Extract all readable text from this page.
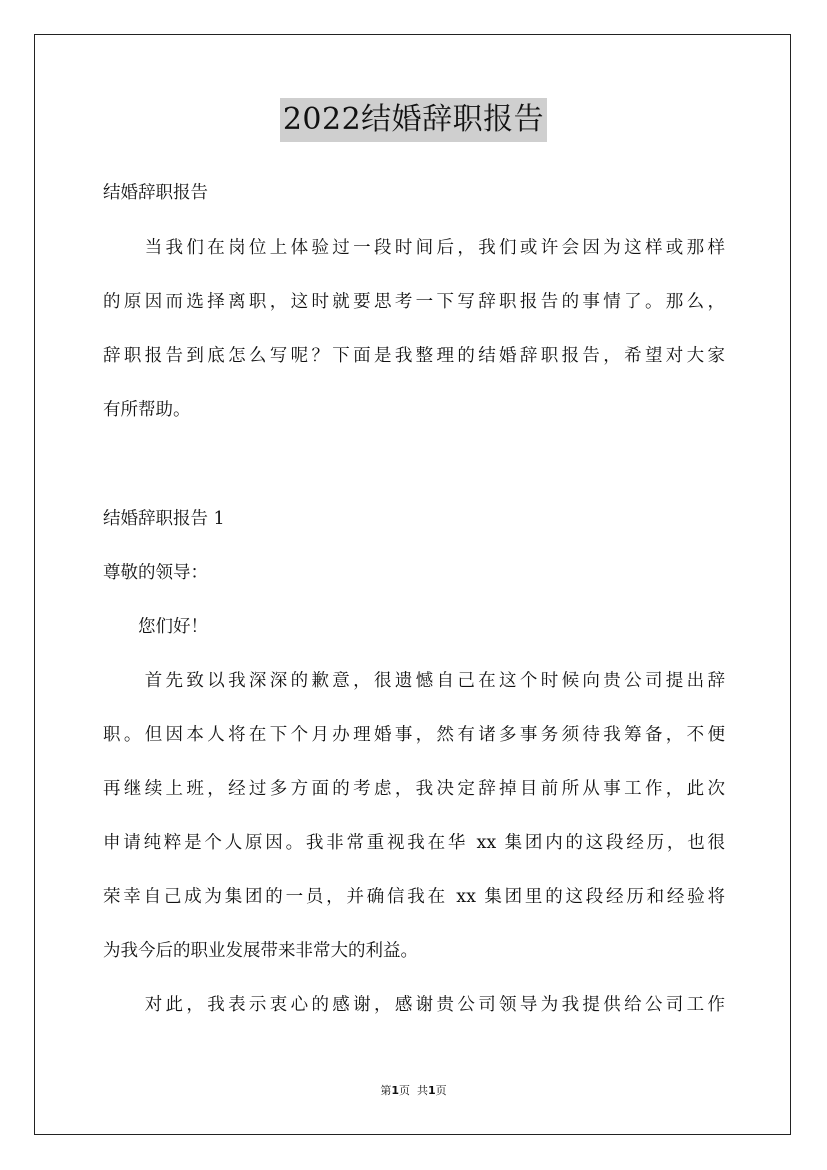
2022结婚辞职报告
结婚辞职报告
　　当我们在岗位上体验过一段时间后，我们或许会因为这样或那样
的原因而选择离职，这时就要思考一下写辞职报告的事情了。那么，
辞职报告到底怎么写呢？下面是我整理的结婚辞职报告，希望对大家
有所帮助。
结婚辞职报告 1
尊敬的领导：
　　您们好！
　　首先致以我深深的歉意，很遗憾自己在这个时候向贵公司提出辞
职。但因本人将在下个月办理婚事，然有诸多事务须待我筹备，不便
再继续上班，经过多方面的考虑，我决定辞掉目前所从事工作，此次
申请纯粹是个人原因。我非常重视我在华 xx 集团内的这段经历，也很
荣幸自己成为集团的一员，并确信我在 xx 集团里的这段经历和经验将
为我今后的职业发展带来非常大的利益。
　　对此，我表示衷心的感谢，感谢贵公司领导为我提供给公司工作
第1页 共1页
